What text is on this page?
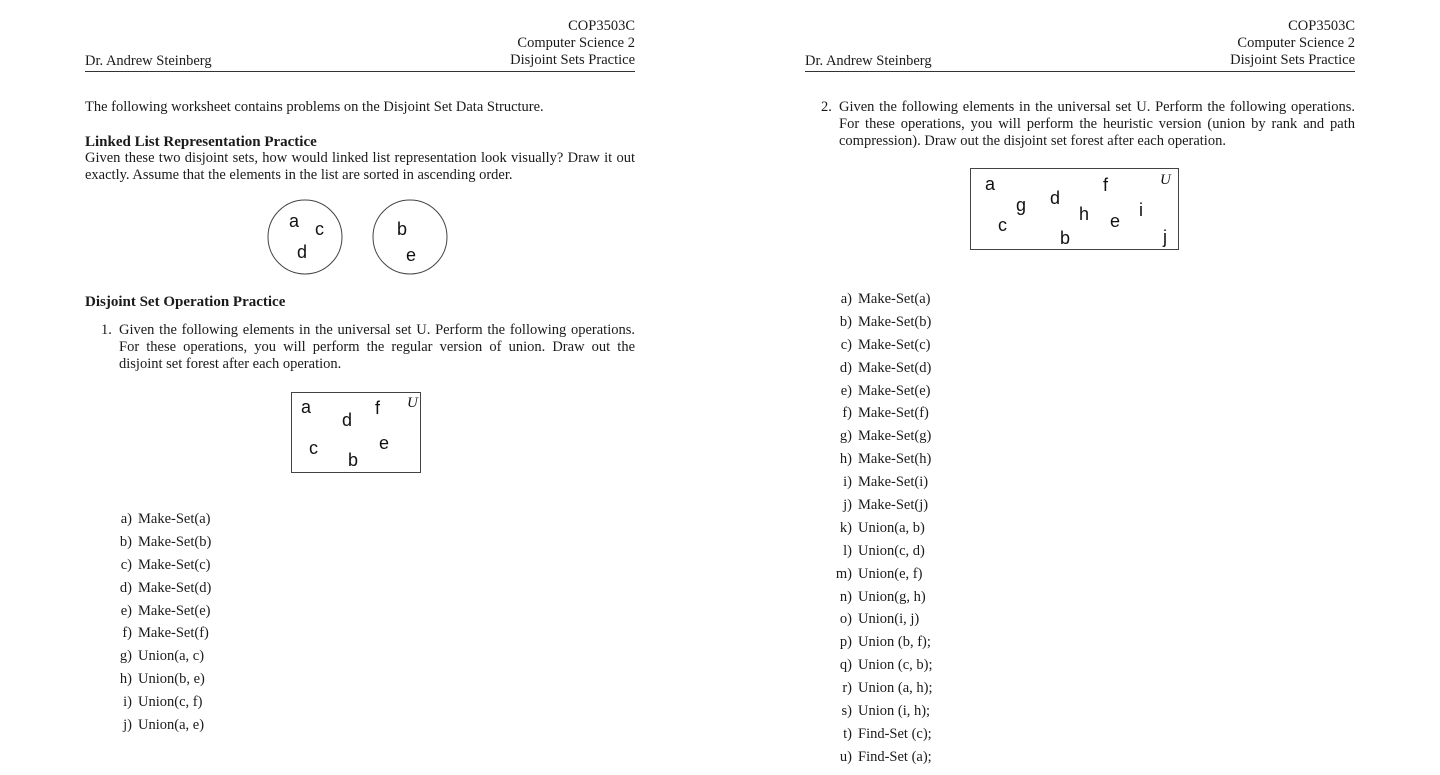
COP3503C
Computer Science 2
Disjoint Sets Practice
Dr. Andrew Steinberg
The following worksheet contains problems on the Disjoint Set Data Structure.
Linked List Representation Practice
Given these two disjoint sets, how would linked list representation look visually? Draw it out exactly. Assume that the elements in the list are sorted in ascending order.
a c
d
b
e
Disjoint Set Operation Practice
1. Given the following elements in the universal set U. Perform the following operations. For these operations, you will perform the regular version of union. Draw out the disjoint set forest after each operation.
U
a
d
f
c	e
b
a) Make-Set(a)
b) Make-Set(b)
c) Make-Set(c)
d) Make-Set(d)
e) Make-Set(e)
f) Make-Set(f)
g) Union(a, c)
h) Union(b, e)
i) Union(c, f)
j) Union(a, e)
COP3503C
Computer Science 2
Disjoint Sets Practice
Dr. Andrew Steinberg
2. Given the following elements in the universal set U. Perform the following operations. For these operations, you will perform the heuristic version (union by rank and path compression). Draw out the disjoint set forest after each operation.
U
a	f
g d
h	i
c	e
b	j
a) Make-Set(a)
b) Make-Set(b)
c) Make-Set(c)
d) Make-Set(d)
e) Make-Set(e)
f) Make-Set(f)
g) Make-Set(g)
h) Make-Set(h)
i) Make-Set(i)
j) Make-Set(j)
k) Union(a, b)
l) Union(c, d)
m) Union(e, f)
n) Union(g, h)
o) Union(i, j)
p) Union (b, f);
q) Union (c, b);
r) Union (a, h);
s) Union (i, h);
t) Find-Set (c);
u) Find-Set (a);
